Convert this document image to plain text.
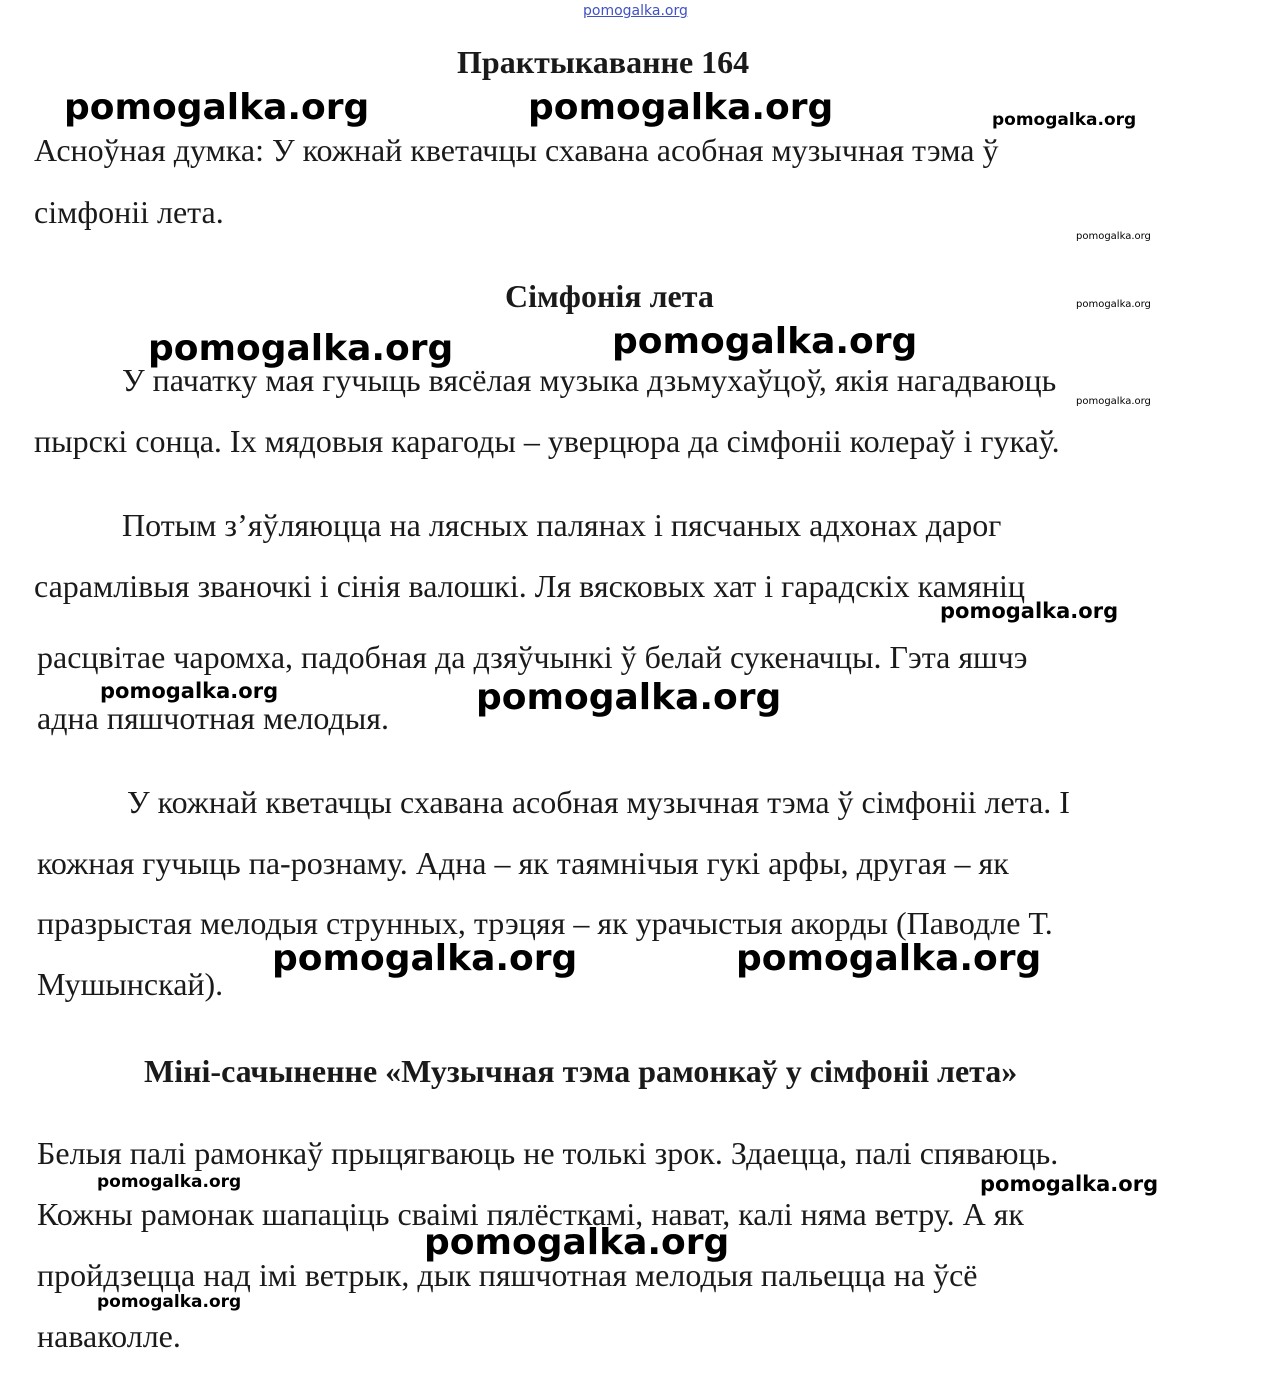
pomogalka.org
Практыкаванне 164
pomogalka.org	pomogalka.org	pomogalka.org
Асноўная думка: У кожнай кветачцы схавана асобная музычная тэма ў
сімфоніі лета.
pomogalka.org
Сімфонія лета	pomogalka.org
pomogalka.org	pomogalka.org
У пачатку мая гучыць вясёлая музыка дзьмухаўцоў, якія нагадваюць
pomogalka.org
пырскі сонца. Іх мядовыя карагоды – уверцюра да сімфоніі колераў і гукаў.
Потым з’яўляюцца на лясных палянах і пясчаных адхонах дарог
сарамлівыя званочкі і сінія валошкі. Ля вясковых хат і гарадскіх камяніц
pomogalka.org
расцвітае чаромха, падобная да дзяўчынкі ў белай сукеначцы. Гэта яшчэ
pomogalka.org	pomogalka.org
адна пяшчотная мелодыя.
У кожнай кветачцы схавана асобная музычная тэма ў сімфоніі лета. І
кожная гучыць па-рознаму. Адна – як таямнічыя гукі арфы, другая – як
празрыстая мелодыя струнных, трэцяя – як урачыстыя акорды (Паводле Т.
pomogalka.org	pomogalka.org
Мушынскай).
Міні-сачыненне «Музычная тэма рамонкаў у сімфоніі лета»
Белыя палі рамонкаў прыцягваюць не толькі зрок. Здаецца, палі спяваюць.
pomogalka.org	pomogalka.org
Кожны рамонак шапаціць сваімі пялёсткамі, нават, калі няма ветру. А як
pomogalka.org
пройдзецца над імі ветрык, дык пяшчотная мелодыя пальецца на ўсё
pomogalka.org
наваколле.
